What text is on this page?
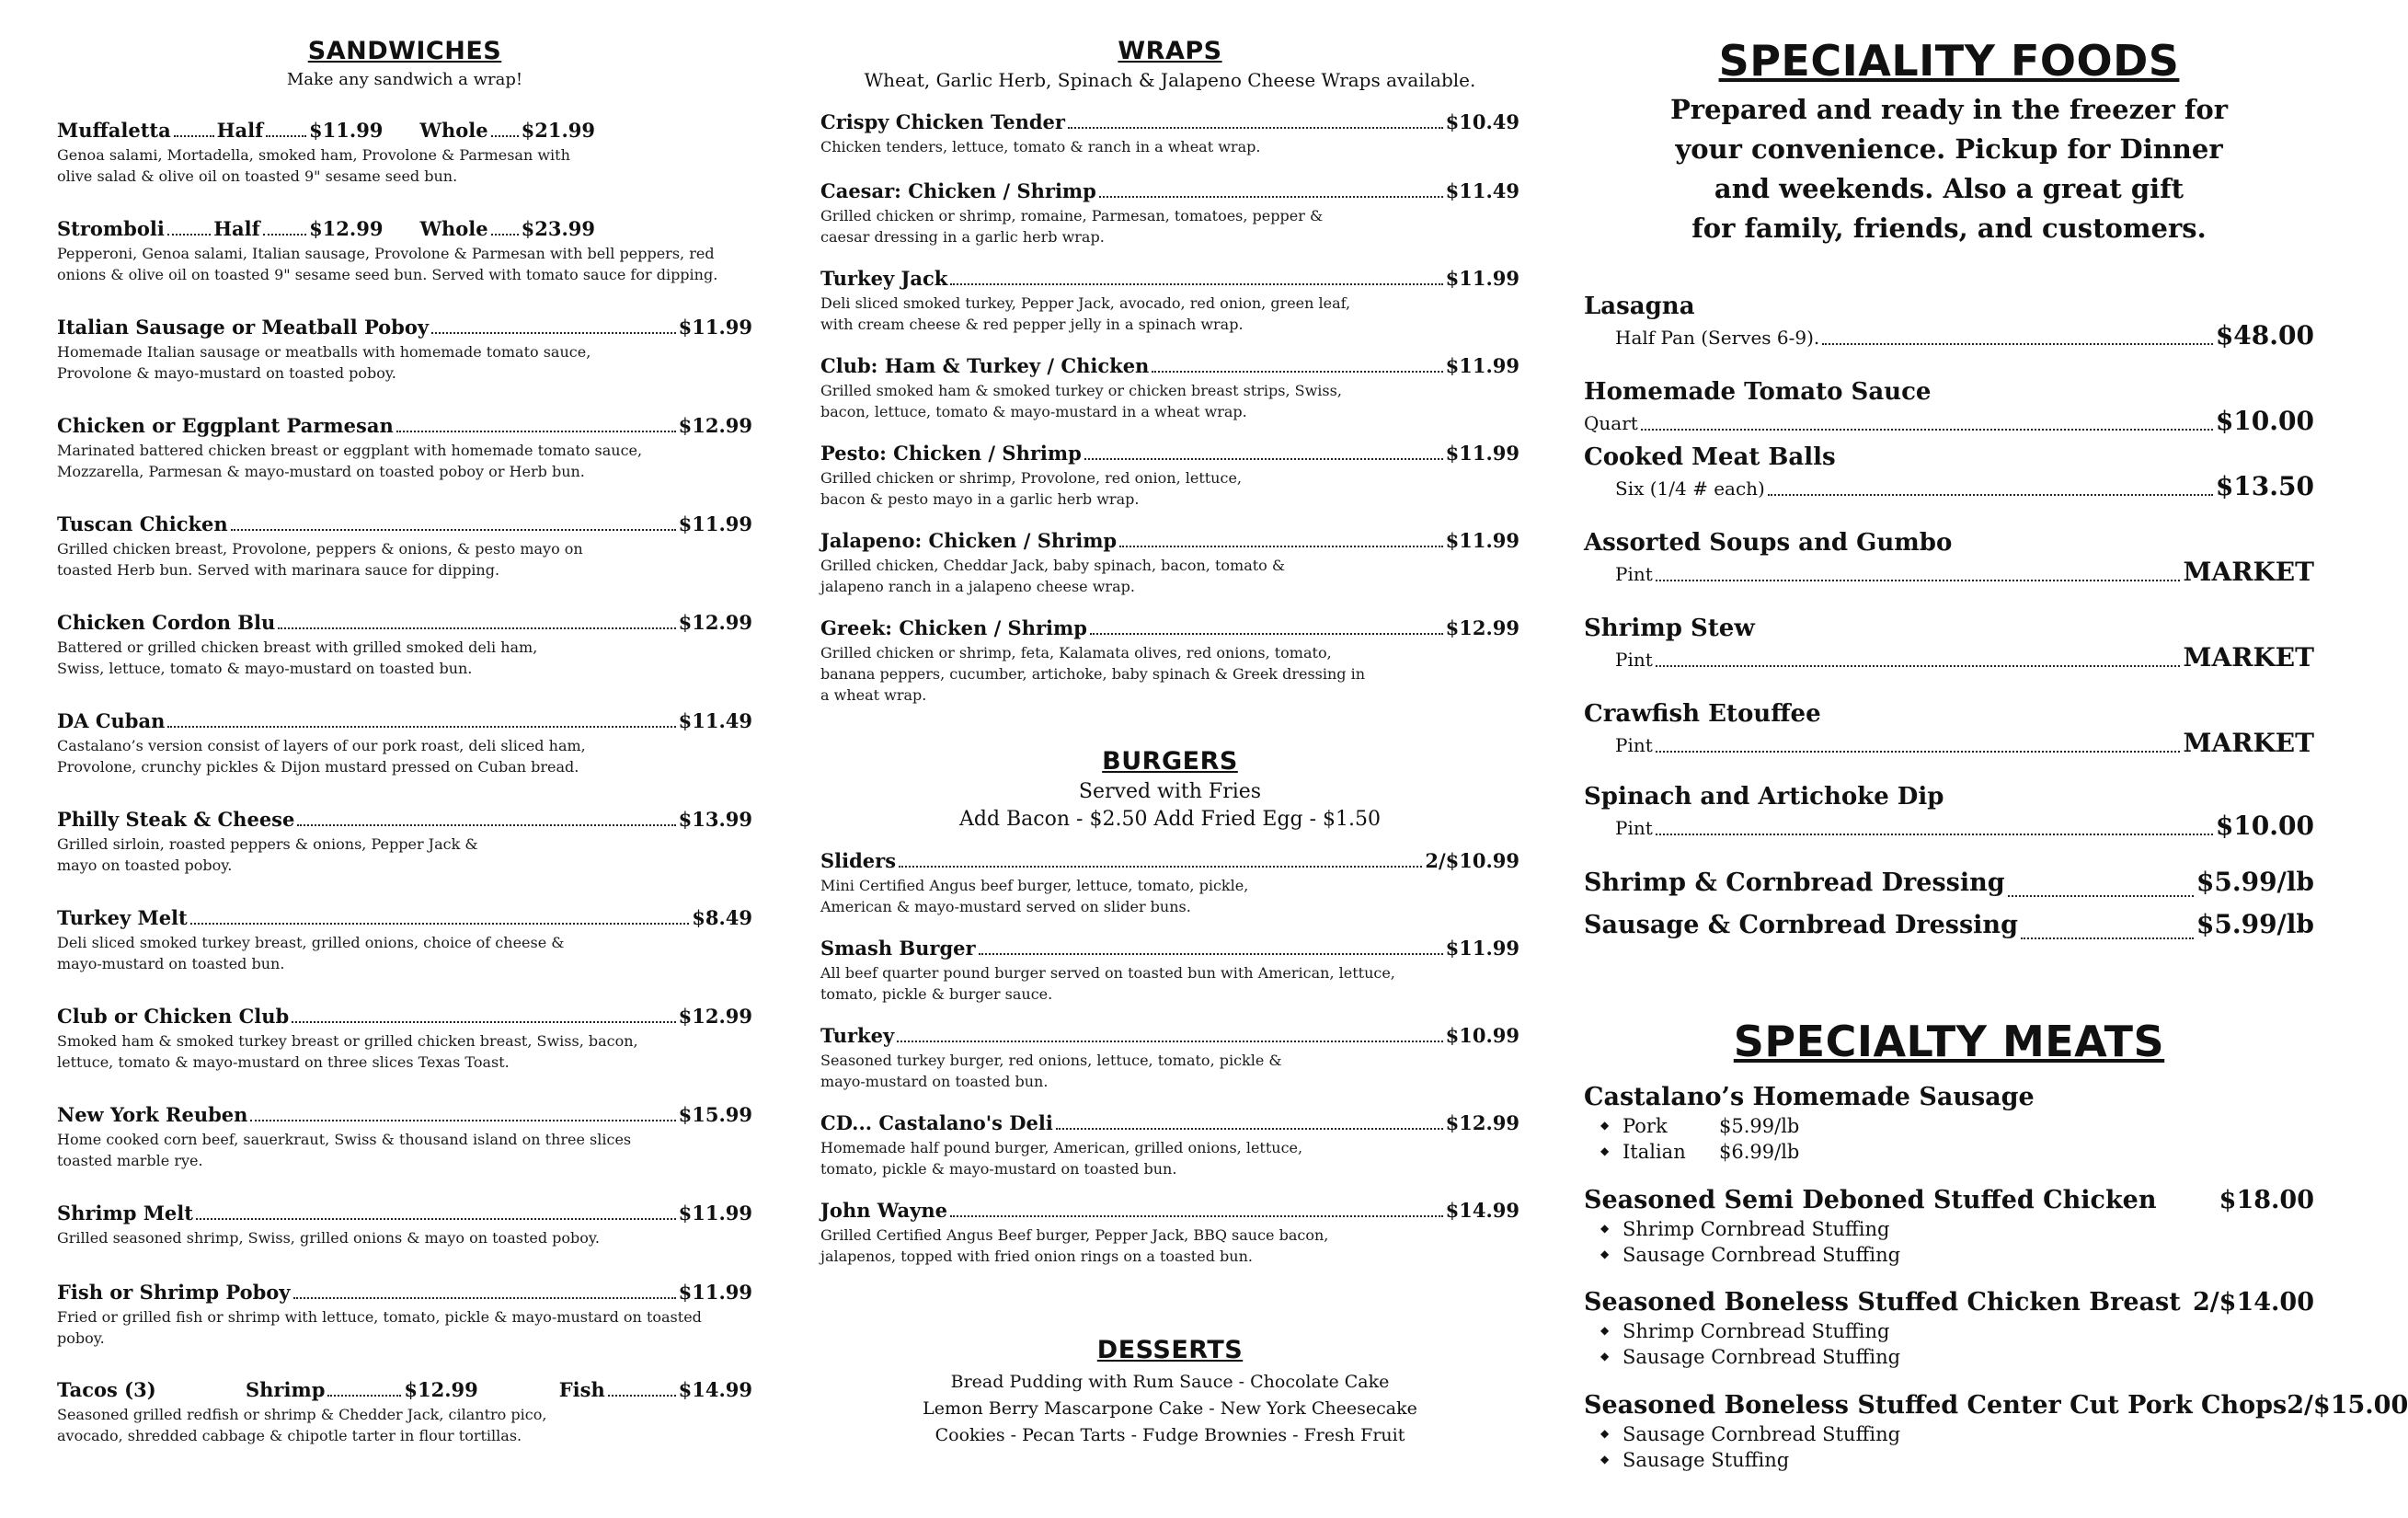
SANDWICHES
Make any sandwich a wrap!
Muffaletta Half $11.99 Whole $21.99
Genoa salami, Mortadella, smoked ham, Provolone & Parmesan with olive salad & olive oil on toasted 9" sesame seed bun.
Stromboli	Half	$12.99 Whole $23.99
Pepperoni, Genoa salami, Italian sausage, Provolone & Parmesan with bell peppers, red onions & olive oil on toasted 9" sesame seed bun. Served with tomato sauce for dipping.
Italian Sausage or Meatball Poboy	$11.99
Homemade Italian sausage or meatballs with homemade tomato sauce, Provolone & mayo-mustard on toasted poboy.
Chicken or Eggplant Parmesan	$12.99
Marinated battered chicken breast or eggplant with homemade tomato sauce, Mozzarella, Parmesan & mayo-mustard on toasted poboy or Herb bun.
Tuscan Chicken	$11.99
Grilled chicken breast, Provolone, peppers & onions, & pesto mayo on toasted Herb bun. Served with marinara sauce for dipping.
Chicken Cordon Blu	$12.99
Battered or grilled chicken breast with grilled smoked deli ham, Swiss, lettuce, tomato & mayo-mustard on toasted bun.
DA Cuban	$11.49
Castalano’s version consist of layers of our pork roast, deli sliced ham, Provolone, crunchy pickles & Dijon mustard pressed on Cuban bread.
Philly Steak & Cheese	$13.99
Grilled sirloin, roasted peppers & onions, Pepper Jack & mayo on toasted poboy.
Turkey Melt	$8.49
Deli sliced smoked turkey breast, grilled onions, choice of cheese & mayo-mustard on toasted bun.
Club or Chicken Club	$12.99
Smoked ham & smoked turkey breast or grilled chicken breast, Swiss, bacon, lettuce, tomato & mayo-mustard on three slices Texas Toast.
New York Reuben	$15.99
Home cooked corn beef, sauerkraut, Swiss & thousand island on three slices toasted marble rye.
Shrimp Melt	$11.99
Grilled seasoned shrimp, Swiss, grilled onions & mayo on toasted poboy.
Fish or Shrimp Poboy	$11.99
Fried or grilled fish or shrimp with lettuce, tomato, pickle & mayo-mustard on toasted poboy.
Tacos (3)	Shrimp	$12.99	Fish	$14.99
Seasoned grilled redfish or shrimp & Chedder Jack, cilantro pico, avocado, shredded cabbage & chipotle tarter in flour tortillas.
WRAPS
Wheat, Garlic Herb, Spinach & Jalapeno Cheese Wraps available.
Crispy Chicken Tender	$10.49
Chicken tenders, lettuce, tomato & ranch in a wheat wrap.
Caesar: Chicken / Shrimp	$11.49
Grilled chicken or shrimp, romaine, Parmesan, tomatoes, pepper & caesar dressing in a garlic herb wrap.
Turkey Jack	$11.99
Deli sliced smoked turkey, Pepper Jack, avocado, red onion, green leaf, with cream cheese & red pepper jelly in a spinach wrap.
Club: Ham & Turkey / Chicken	$11.99
Grilled smoked ham & smoked turkey or chicken breast strips, Swiss, bacon, lettuce, tomato & mayo-mustard in a wheat wrap.
Pesto: Chicken / Shrimp	$11.99
Grilled chicken or shrimp, Provolone, red onion, lettuce, bacon & pesto mayo in a garlic herb wrap.
Jalapeno: Chicken / Shrimp	$11.99
Grilled chicken, Cheddar Jack, baby spinach, bacon, tomato & jalapeno ranch in a jalapeno cheese wrap.
Greek: Chicken / Shrimp	$12.99
Grilled chicken or shrimp, feta, Kalamata olives, red onions, tomato, banana peppers, cucumber, artichoke, baby spinach & Greek dressing in a wheat wrap.
BURGERS
Served with Fries
Add Bacon - $2.50 Add Fried Egg - $1.50
Sliders	2/$10.99
Mini Certified Angus beef burger, lettuce, tomato, pickle, American & mayo-mustard served on slider buns.
Smash Burger	$11.99
All beef quarter pound burger served on toasted bun with American, lettuce, tomato, pickle & burger sauce.
Turkey	$10.99
Seasoned turkey burger, red onions, lettuce, tomato, pickle & mayo-mustard on toasted bun.
CD... Castalano's Deli	$12.99
Homemade half pound burger, American, grilled onions, lettuce, tomato, pickle & mayo-mustard on toasted bun.
John Wayne	$14.99
Grilled Certified Angus Beef burger, Pepper Jack, BBQ sauce bacon, jalapenos, topped with fried onion rings on a toasted bun.
DESSERTS
Bread Pudding with Rum Sauce - Chocolate Cake
Lemon Berry Mascarpone Cake - New York Cheesecake
Cookies - Pecan Tarts - Fudge Brownies - Fresh Fruit
SPECIALITY FOODS
Prepared and ready in the freezer for
your convenience. Pickup for Dinner
and weekends. Also a great gift
for family, friends, and customers.
Lasagna
Half Pan (Serves 6-9).	$48.00
Homemade Tomato Sauce
Quart	$10.00
Cooked Meat Balls
Six (1/4 # each)	$13.50
Assorted Soups and Gumbo
Pint	MARKET
Shrimp Stew
Pint	MARKET
Crawfish Etouffee
Pint	MARKET
Spinach and Artichoke Dip
Pint	$10.00
Shrimp & Cornbread Dressing	$5.99/lb
Sausage & Cornbread Dressing	$5.99/lb
SPECIALTY MEATS
Castalano’s Homemade Sausage
◆ Pork	$5.99/lb
◆ Italian $6.99/lb
Seasoned Semi Deboned Stuffed Chicken	$18.00
◆ Shrimp Cornbread Stuffing
◆ Sausage Cornbread Stuffing
Seasoned Boneless Stuffed Chicken Breast 2/$14.00
◆ Shrimp Cornbread Stuffing
◆ Sausage Cornbread Stuffing
Seasoned Boneless Stuffed Center Cut Pork Chops 2/$15.00
◆ Sausage Cornbread Stuffing
◆ Sausage Stuffing
